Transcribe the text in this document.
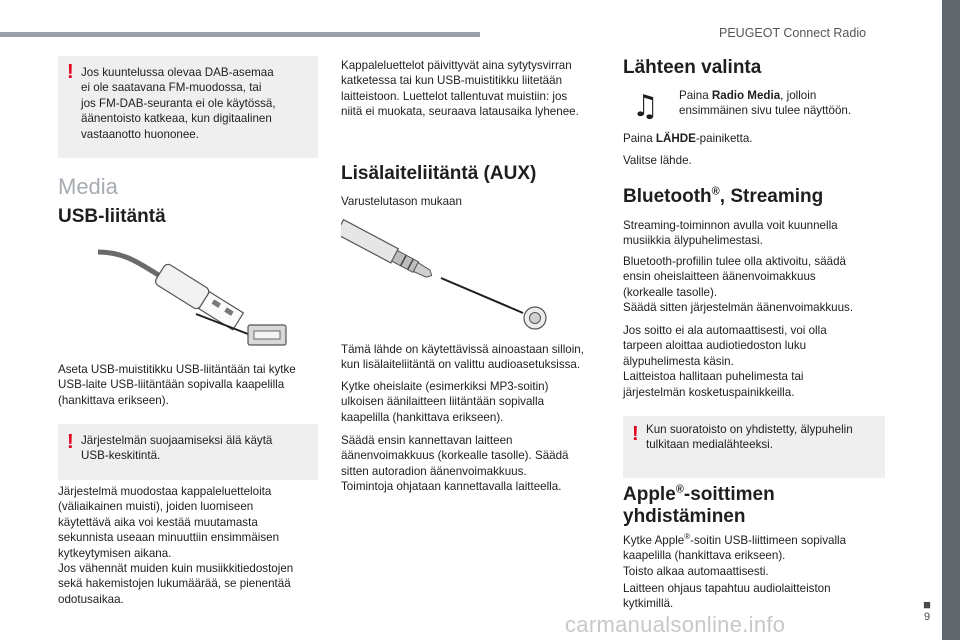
PEUGEOT Connect Radio
■
9
! Jos kuuntelussa olevaa DAB-asemaa
ei ole saatavana FM-muodossa, tai
jos FM-DAB-seuranta ei ole käytössä,
äänentoisto katkeaa, kun digitaalinen
vastaanotto huononee.
Media
USB-liitäntä
Aseta USB-muistitikku USB-liitäntään tai kytke
USB-laite USB-liitäntään sopivalla kaapelilla
(hankittava erikseen).
! Järjestelmän suojaamiseksi älä käytä
USB-keskitintä.
Järjestelmä muodostaa kappaleluetteloita
(väliaikainen muisti), joiden luomiseen
käytettävä aika voi kestää muutamasta
sekunnista useaan minuuttiin ensimmäisen
kytkeytymisen aikana.
Jos vähennät muiden kuin musiikkitiedostojen
sekä hakemistojen lukumäärää, se pienentää
odotusaikaa.
Kappaleluettelot päivittyvät aina sytytysvirran
katketessa tai kun USB-muistitikku liitetään
laitteistoon. Luettelot tallentuvat muistiin: jos
niitä ei muokata, seuraava latausaika lyhenee.
Lisälaiteliitäntä (AUX)
Varustelutason mukaan
Tämä lähde on käytettävissä ainoastaan silloin,
kun lisälaiteliitäntä on valittu audioasetuksissa.
Kytke oheislaite (esimerkiksi MP3-soitin)
ulkoisen äänilaitteen liitäntään sopivalla
kaapelilla (hankittava erikseen).
Säädä ensin kannettavan laitteen
äänenvoimakkuus (korkealle tasolle). Säädä
sitten autoradion äänenvoimakkuus.
Toimintoja ohjataan kannettavalla laitteella.
Lähteen valinta
♫ Paina Radio Media, jolloin
ensimmäinen sivu tulee näyttöön.
Paina LÄHDE-painiketta.
Valitse lähde.
Bluetooth®, Streaming
Streaming-toiminnon avulla voit kuunnella
musiikkia älypuhelimestasi.
Bluetooth-profiilin tulee olla aktivoitu, säädä
ensin oheislaitteen äänenvoimakkuus
(korkealle tasolle).
Säädä sitten järjestelmän äänenvoimakkuus.
Jos soitto ei ala automaattisesti, voi olla
tarpeen aloittaa audiotiedoston luku
älypuhelimesta käsin.
Laitteistoa hallitaan puhelimesta tai
järjestelmän kosketuspainikkeilla.
! Kun suoratoisto on yhdistetty, älypuhelin
tulkitaan medialähteeksi.
Apple®-soittimen
yhdistäminen
Kytke Apple®-soitin USB-liittimeen sopivalla
kaapelilla (hankittava erikseen).
Toisto alkaa automaattisesti.
Laitteen ohjaus tapahtuu audiolaitteiston
kytkimillä.
carmanualsonline.info
